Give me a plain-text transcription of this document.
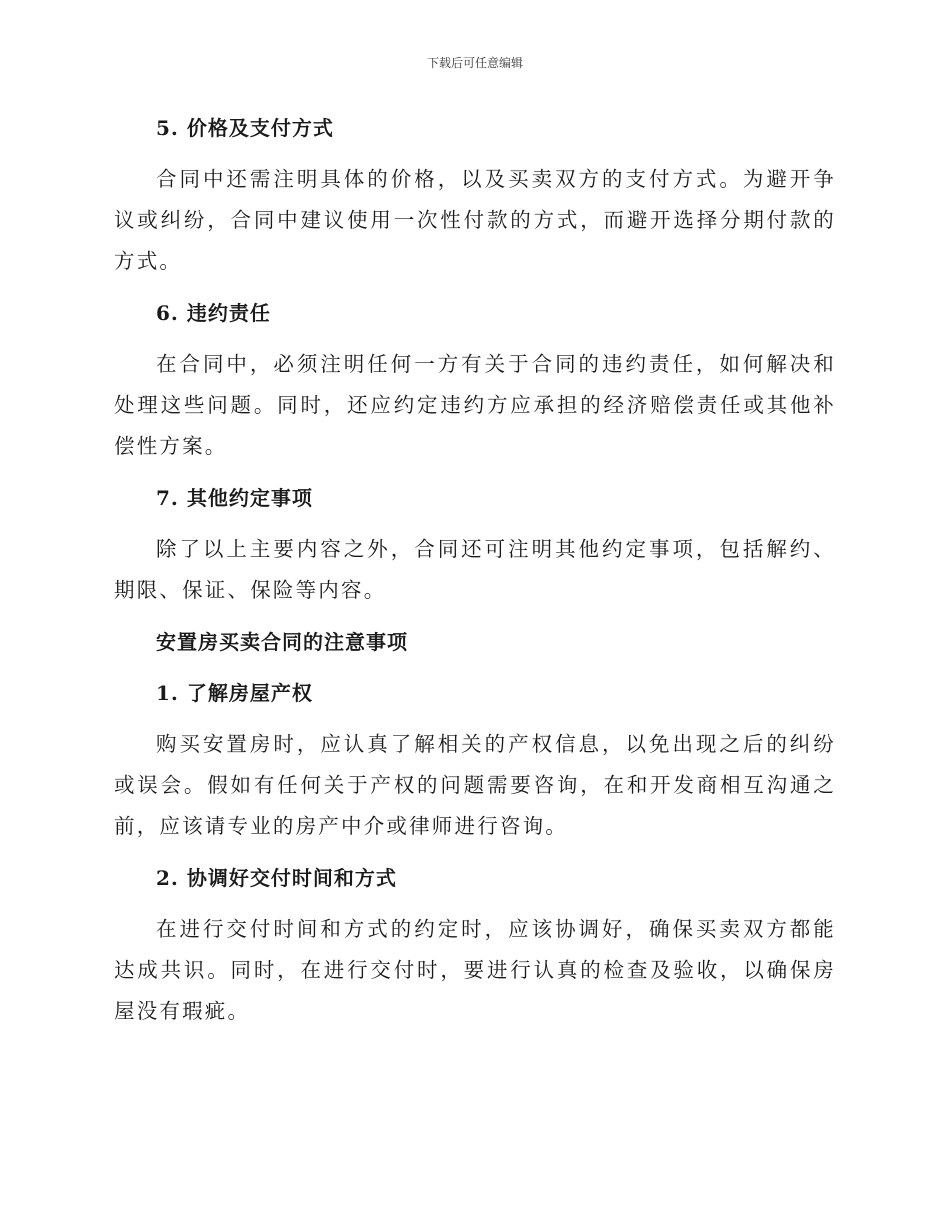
下载后可任意编辑
5. 价格及支付方式

合同中还需注明具体的价格，以及买卖双方的支付方式。为避开争议或纠纷，合同中建议使用一次性付款的方式，而避开选择分期付款的方式。

6. 违约责任

在合同中，必须注明任何一方有关于合同的违约责任，如何解决和处理这些问题。同时，还应约定违约方应承担的经济赔偿责任或其他补偿性方案。

7. 其他约定事项

除了以上主要内容之外，合同还可注明其他约定事项，包括解约、期限、保证、保险等内容。

安置房买卖合同的注意事项
1. 了解房屋产权

购买安置房时，应认真了解相关的产权信息，以免出现之后的纠纷或误会。假如有任何关于产权的问题需要咨询，在和开发商相互沟通之前，应该请专业的房产中介或律师进行咨询。

2. 协调好交付时间和方式

在进行交付时间和方式的约定时，应该协调好，确保买卖双方都能达成共识。同时，在进行交付时，要进行认真的检查及验收，以确保房屋没有瑕疵。
